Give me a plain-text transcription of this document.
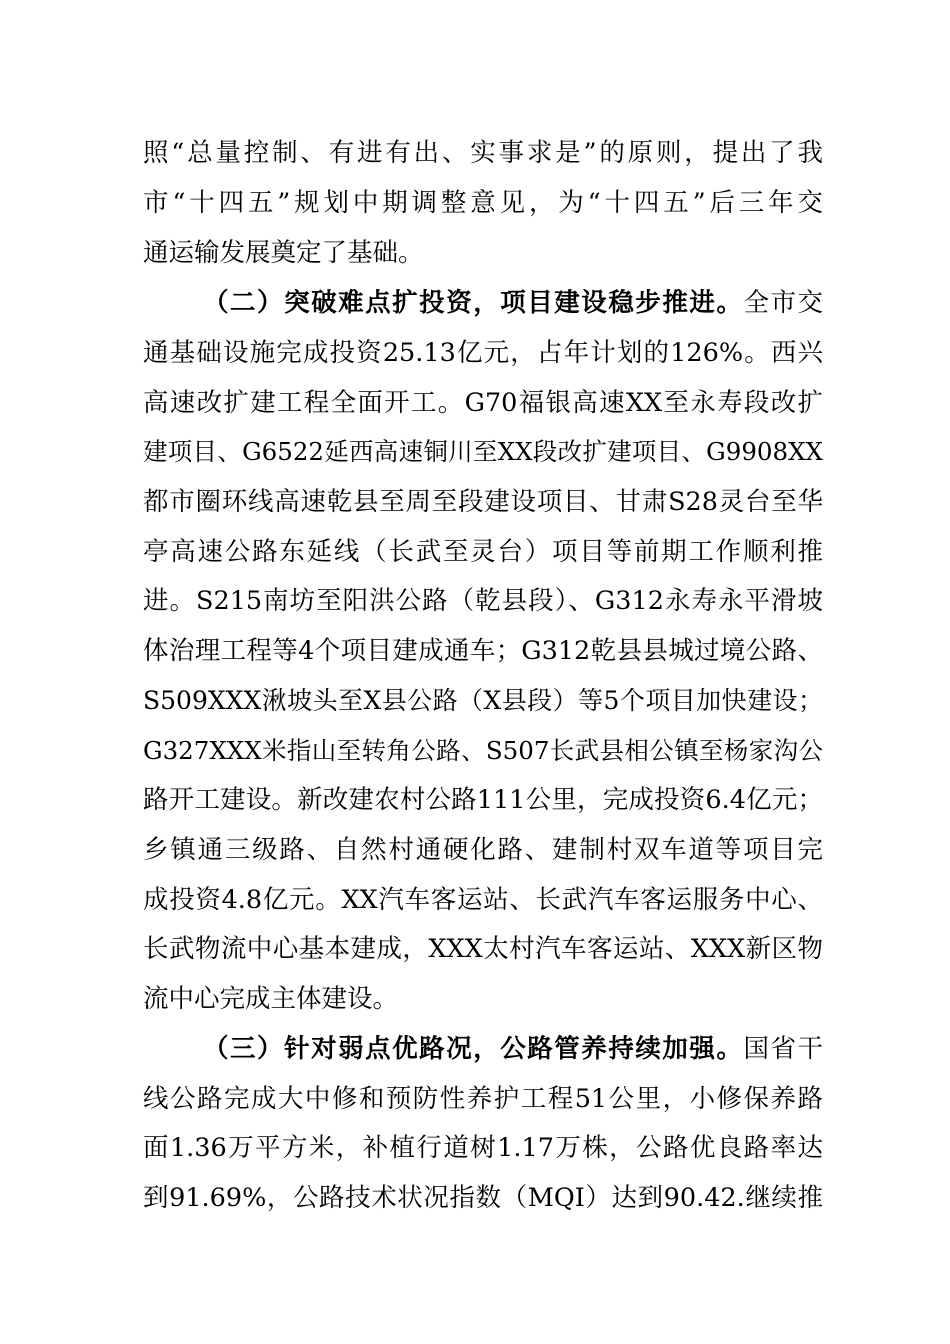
照“总量控制、有进有出、实事求是”的原则，提出了我
市“十四五”规划中期调整意见，为“十四五”后三年交
通运输发展奠定了基础。
（二）突破难点扩投资，项目建设稳步推进。全市交
通基础设施完成投资25.13亿元，占年计划的126%。西兴
高速改扩建工程全面开工。G70福银高速XX至永寿段改扩
建项目、G6522延西高速铜川至XX段改扩建项目、G9908XX
都市圈环线高速乾县至周至段建设项目、甘肃S28灵台至华
亭高速公路东延线（长武至灵台）项目等前期工作顺利推
进。S215南坊至阳洪公路（乾县段）、G312永寿永平滑坡
体治理工程等4个项目建成通车；G312乾县县城过境公路、
S509XXX湫坡头至X县公路（X县段）等5个项目加快建设；
G327XXX米指山至转角公路、S507长武县相公镇至杨家沟公
路开工建设。新改建农村公路111公里，完成投资6.4亿元；
乡镇通三级路、自然村通硬化路、建制村双车道等项目完
成投资4.8亿元。XX汽车客运站、长武汽车客运服务中心、
长武物流中心基本建成，XXX太村汽车客运站、XXX新区物
流中心完成主体建设。
（三）针对弱点优路况，公路管养持续加强。国省干
线公路完成大中修和预防性养护工程51公里，小修保养路
面1.36万平方米，补植行道树1.17万株，公路优良路率达
到91.69%，公路技术状况指数（MQI）达到90.42.继续推
